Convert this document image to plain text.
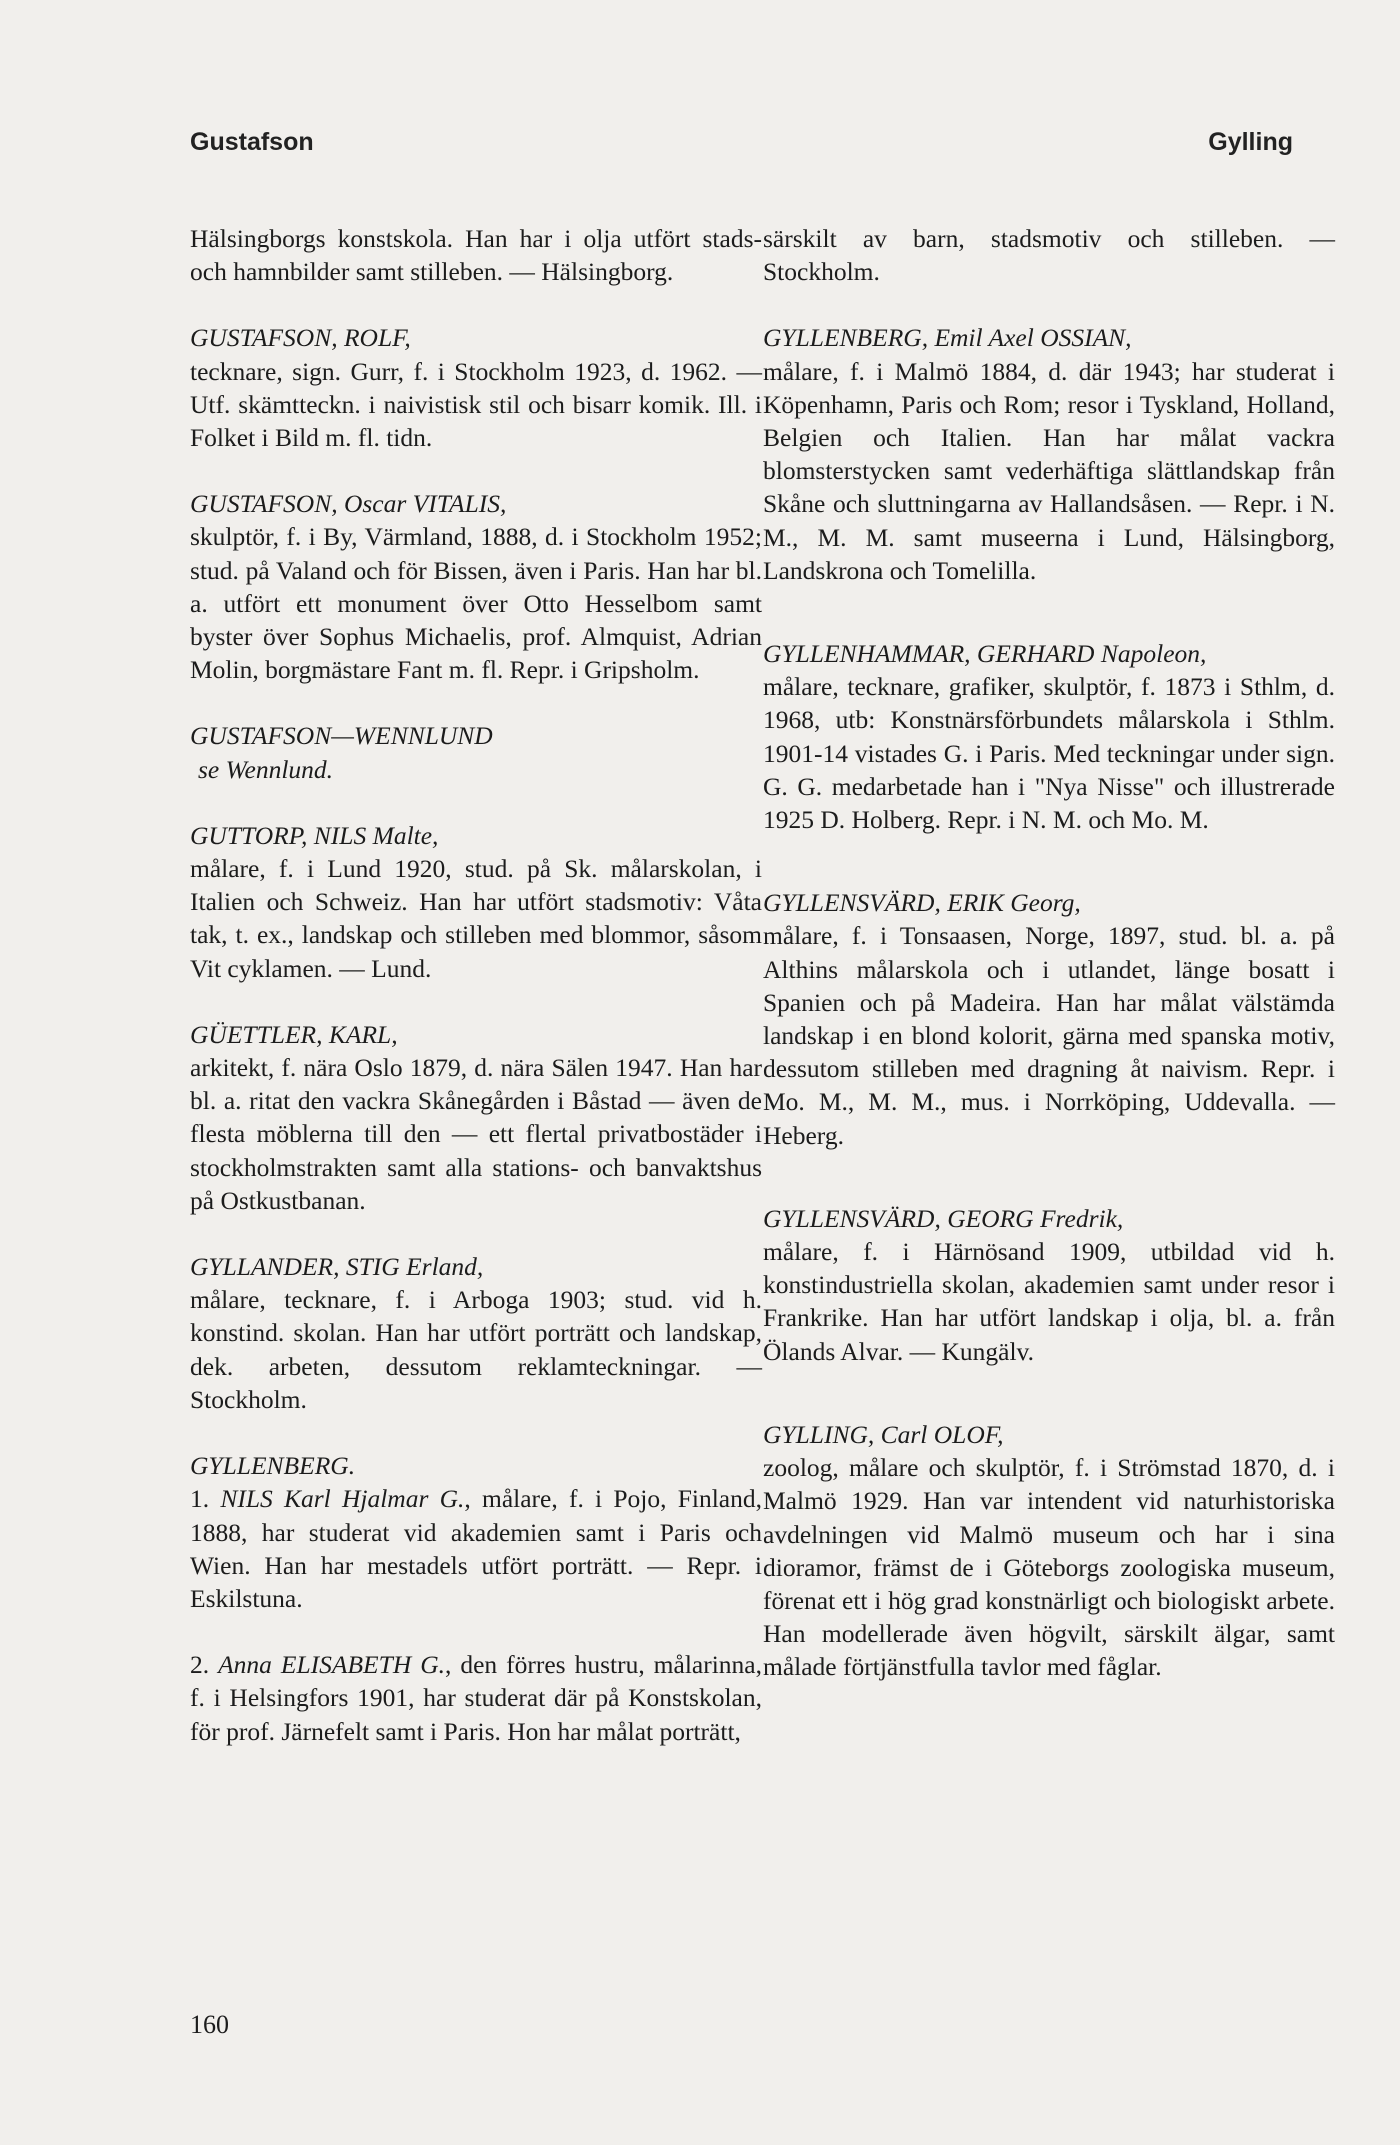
Gustafson	Gylling

Hälsingborgs konstskola. Han har i olja utfört stads- och hamnbilder samt stilleben. — Hälsingborg.

GUSTAFSON, ROLF,

tecknare, sign. Gurr, f. i Stockholm 1923, d. 1962. — Utf. skämtteckn. i naivistisk stil och bisarr komik. Ill. i Folket i Bild m. fl. tidn.

GUSTAFSON, Oscar VITALIS,

skulptör, f. i By, Värmland, 1888, d. i Stockholm 1952; stud. på Valand och för Bissen, även i Paris. Han har bl. a. utfört ett monument över Otto Hesselbom samt byster över Sophus Michaelis, prof. Almquist, Adrian Molin, borgmästare Fant m. fl. Repr. i Gripsholm.

GUSTAFSON—WENNLUND
se Wennlund.
GUTTORP, NILS Malte,

målare, f. i Lund 1920, stud. på Sk. målarskolan, i Italien och Schweiz. Han har utfört stadsmotiv: Våta tak, t. ex., landskap och stilleben med blommor, såsom Vit cyklamen. — Lund.

GÜETTLER, KARL,

arkitekt, f. nära Oslo 1879, d. nära Sälen 1947. Han har bl. a. ritat den vackra Skånegården i Båstad — även de flesta möblerna till den — ett flertal privatbostäder i stockholmstrakten samt alla stations- och banvaktshus på Ostkustbanan.

GYLLANDER, STIG Erland,

målare, tecknare, f. i Arboga 1903; stud. vid h. konstind. skolan. Han har utfört porträtt och landskap, dek. arbeten, dessutom reklamteckningar. — Stockholm.

GYLLENBERG.

1. NILS Karl Hjalmar G., målare, f. i Pojo, Finland, 1888, har studerat vid akademien samt i Paris och Wien. Han har mestadels utfört porträtt. — Repr. i Eskilstuna.

2. Anna ELISABETH G., den förres hustru, målarinna, f. i Helsingfors 1901, har studerat där på Konstskolan, för prof. Järnefelt samt i Paris. Hon har målat porträtt,

särskilt av barn, stadsmotiv och stilleben. — Stockholm.

GYLLENBERG, Emil Axel OSSIAN,

målare, f. i Malmö 1884, d. där 1943; har studerat i Köpenhamn, Paris och Rom; resor i Tyskland, Holland, Belgien och Italien. Han har målat vackra blomsterstycken samt vederhäftiga slättlandskap från Skåne och sluttningarna av Hallandsåsen. — Repr. i N. M., M. M. samt museerna i Lund, Hälsingborg, Landskrona och Tomelilla.

GYLLENHAMMAR, GERHARD Napoleon,

målare, tecknare, grafiker, skulptör, f. 1873 i Sthlm, d. 1968, utb: Konstnärsförbundets målarskola i Sthlm. 1901-14 vistades G. i Paris. Med teckningar under sign. G. G. medarbetade han i "Nya Nisse" och illustrerade 1925 D. Holberg. Repr. i N. M. och Mo. M.

GYLLENSVÄRD, ERIK Georg,

målare, f. i Tonsaasen, Norge, 1897, stud. bl. a. på Althins målarskola och i utlandet, länge bosatt i Spanien och på Madeira. Han har målat välstämda landskap i en blond kolorit, gärna med spanska motiv, dessutom stilleben med dragning åt naivism. Repr. i Mo. M., M. M., mus. i Norrköping, Uddevalla. — Heberg.

GYLLENSVÄRD, GEORG Fredrik,

målare, f. i Härnösand 1909, utbildad vid h. konstindustriella skolan, akademien samt under resor i Frankrike. Han har utfört landskap i olja, bl. a. från Ölands Alvar. — Kungälv.

GYLLING, Carl OLOF,

zoolog, målare och skulptör, f. i Strömstad 1870, d. i Malmö 1929. Han var intendent vid naturhistoriska avdelningen vid Malmö museum och har i sina dioramor, främst de i Göteborgs zoologiska museum, förenat ett i hög grad konstnärligt och biologiskt arbete. Han modellerade även högvilt, särskilt älgar, samt målade förtjänstfulla tavlor med fåglar.

160
